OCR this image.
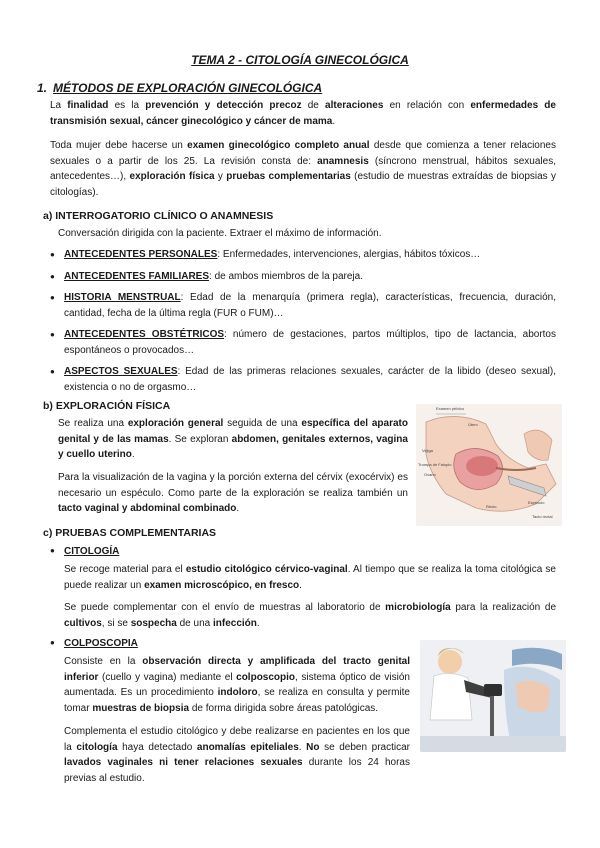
TEMA 2 - CITOLOGÍA GINECOLÓGICA
1. MÉTODOS DE EXPLORACIÓN GINECOLÓGICA
La finalidad es la prevención y detección precoz de alteraciones en relación con enfermedades de transmisión sexual, cáncer ginecológico y cáncer de mama.
Toda mujer debe hacerse un examen ginecológico completo anual desde que comienza a tener relaciones sexuales o a partir de los 25. La revisión consta de: anamnesis (síncrono menstrual, hábitos sexuales, antecedentes…), exploración física y pruebas complementarias (estudio de muestras extraídas de biopsias y citologías).
a) INTERROGATORIO CLÍNICO O ANAMNESIS
Conversación dirigida con la paciente. Extraer el máximo de información.
● ANTECEDENTES PERSONALES: Enfermedades, intervenciones, alergias, hábitos tóxicos…
● ANTECEDENTES FAMILIARES: de ambos miembros de la pareja.
● HISTORIA MENSTRUAL: Edad de la menarquía (primera regla), características, frecuencia, duración, cantidad, fecha de la última regla (FUR o FUM)…
● ANTECEDENTES OBSTÉTRICOS: número de gestaciones, partos múltiplos, tipo de lactancia, abortos espontáneos o provocados…
● ASPECTOS SEXUALES: Edad de las primeras relaciones sexuales, carácter de la libido (deseo sexual), existencia o no de orgasmo…
b) EXPLORACIÓN FÍSICA
Se realiza una exploración general seguida de una específica del aparato genital y de las mamas. Se exploran abdomen, genitales externos, vagina y cuello uterino.
Para la visualización de la vagina y la porción externa del cérvix (exocérvix) es necesario un espéculo. Como parte de la exploración se realiza también un tacto vaginal y abdominal combinado.
Examen pélvico
Útero
Vejiga
Trompa de Falopio
Ovario
Recto
Espéculo
Tacto rectal
c) PRUEBAS COMPLEMENTARIAS
● CITOLOGÍA
Se recoge material para el estudio citológico cérvico-vaginal. Al tiempo que se realiza la toma citológica se puede realizar un examen microscópico, en fresco.
Se puede complementar con el envío de muestras al laboratorio de microbiología para la realización de cultivos, si se sospecha de una infección.
● COLPOSCOPIA
Consiste en la observación directa y amplificada del tracto genital inferior (cuello y vagina) mediante el colposcopio, sistema óptico de visión aumentada. Es un procedimiento indoloro, se realiza en consulta y permite tomar muestras de biopsia de forma dirigida sobre áreas patológicas.
Complementa el estudio citológico y debe realizarse en pacientes en los que la citología haya detectado anomalías epiteliales. No se deben practicar lavados vaginales ni tener relaciones sexuales durante los 24 horas previas al estudio.
